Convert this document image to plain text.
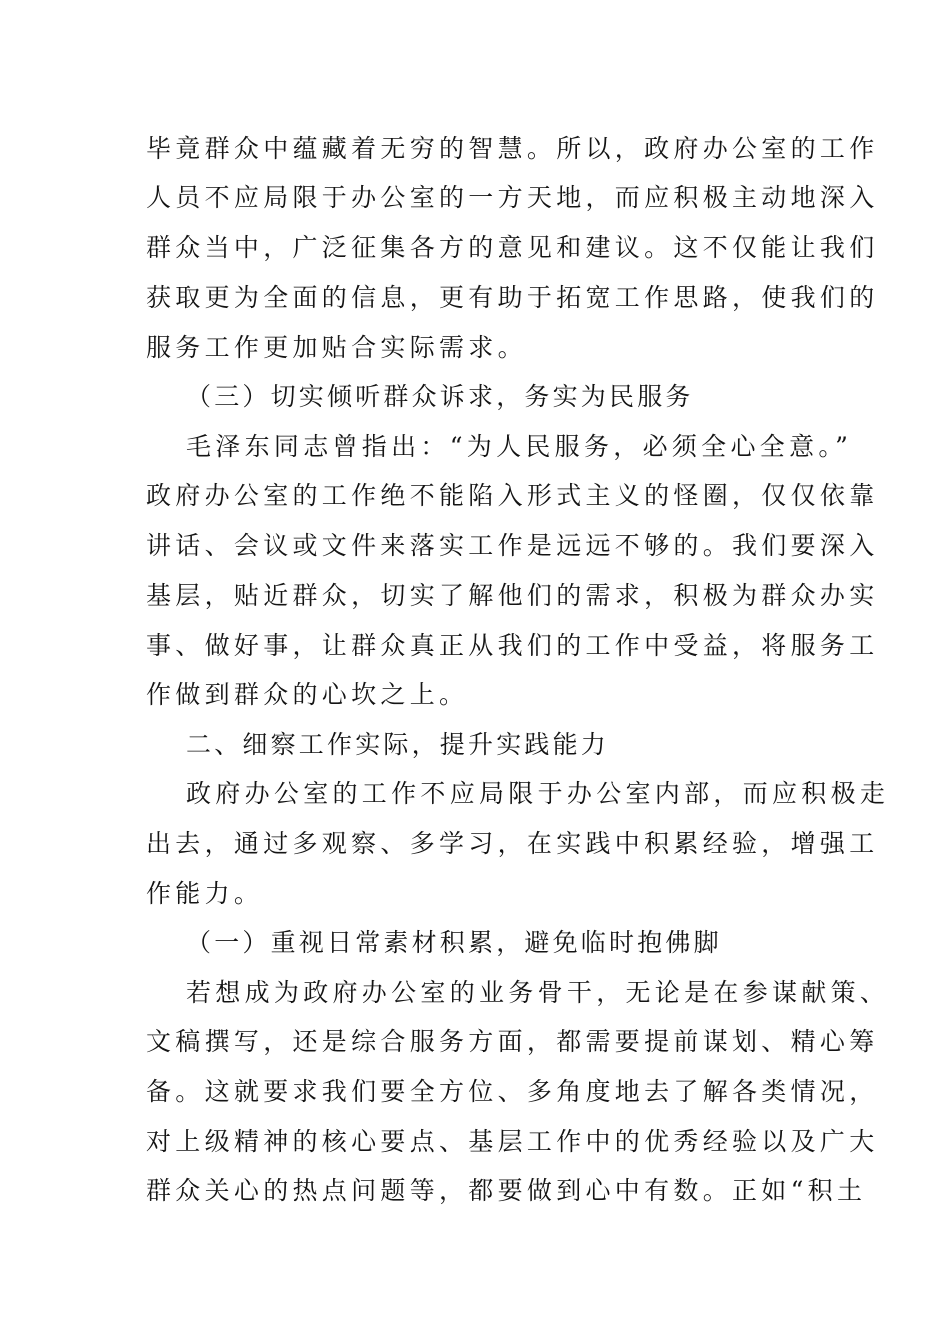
毕竟群众中蕴藏着无穷的智慧。所以，政府办公室的工作
人员不应局限于办公室的一方天地，而应积极主动地深入
群众当中，广泛征集各方的意见和建议。这不仅能让我们
获取更为全面的信息，更有助于拓宽工作思路，使我们的
服务工作更加贴合实际需求。
（三）切实倾听群众诉求，务实为民服务
毛泽东同志曾指出：“为人民服务，必须全心全意。”
政府办公室的工作绝不能陷入形式主义的怪圈，仅仅依靠
讲话、会议或文件来落实工作是远远不够的。我们要深入
基层，贴近群众，切实了解他们的需求，积极为群众办实
事、做好事，让群众真正从我们的工作中受益，将服务工
作做到群众的心坎之上。
二、细察工作实际，提升实践能力
政府办公室的工作不应局限于办公室内部，而应积极走
出去，通过多观察、多学习，在实践中积累经验，增强工
作能力。
（一）重视日常素材积累，避免临时抱佛脚
若想成为政府办公室的业务骨干，无论是在参谋献策、
文稿撰写，还是综合服务方面，都需要提前谋划、精心筹
备。这就要求我们要全方位、多角度地去了解各类情况，
对上级精神的核心要点、基层工作中的优秀经验以及广大
群众关心的热点问题等，都要做到心中有数。正如“积土
